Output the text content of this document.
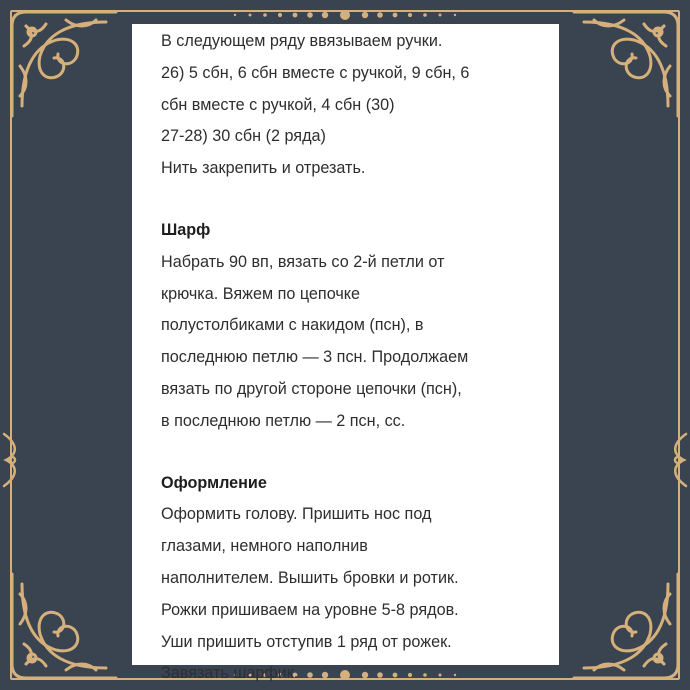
В следующем ряду ввязываем ручки.

26) 5 сбн, 6 сбн вместе с ручкой, 9 сбн, 6

сбн вместе с ручкой, 4 сбн (30)

27-28) 30 сбн (2 ряда)

Нить закрепить и отрезать.

Шарф

Набрать 90 вп, вязать со 2-й петли от

крючка. Вяжем по цепочке

полустолбиками с накидом (псн), в

последнюю петлю — 3 псн. Продолжаем

вязать по другой стороне цепочки (псн),

в последнюю петлю — 2 псн, сс.

Оформление

Оформить голову. Пришить нос под

глазами, немного наполнив

наполнителем. Вышить бровки и ротик.

Рожки пришиваем на уровне 5-8 рядов.

Уши пришить отступив 1 ряд от рожек.

Завязать шарфик.
